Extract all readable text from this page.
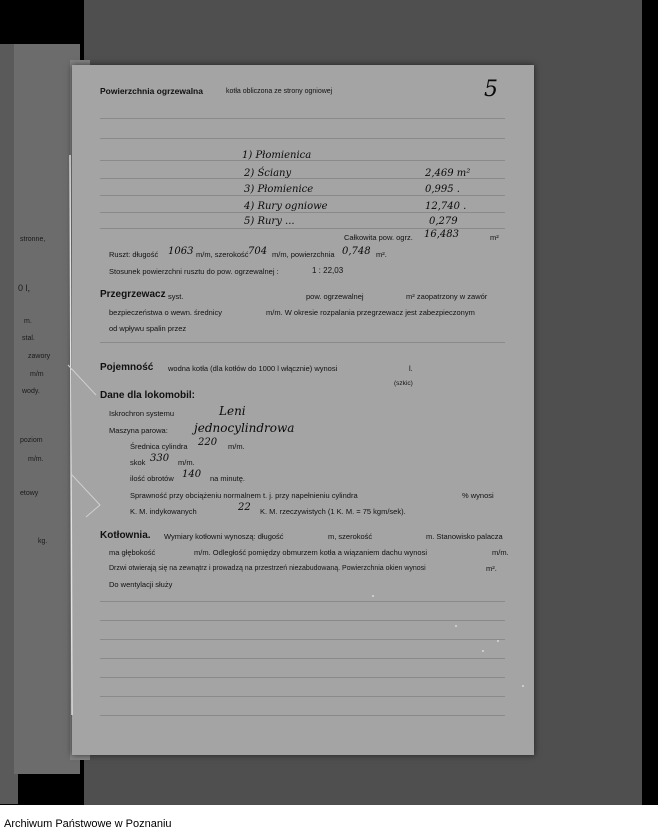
stronne,
0 l,
m.
stal.
zawory
m/m
wody.
poziom
m/m.
etowy
kg.
5
Powierzchnia ogrzewalna	kotła obliczona ze strony ogniowej
1) Płomienica
2) Ściany	2,469 m²
3) Płomienice	0,995 .
4) Rury ogniowe	12,740 .
5) Rury ...	0,279
Całkowita pow. ogrz. 16,483	m²
Ruszt: długość 1063 m/m, szerokość 704 m/m, powierzchnia 0,748 m².
Stosunek powierzchni rusztu do pow. ogrzewalnej :	1 : 22,03
Przegrzewacz syst.	pow. ogrzewalnej	m² zaopatrzony w zawór
bezpieczeństwa o wewn. średnicy	m/m. W okresie rozpalania przegrzewacz jest zabezpieczonym
od wpływu spalin przez
Pojemność wodna kotła (dla kotłów do 1000 l włącznie) wynosi	l.
(szkic)
Dane dla lokomobil:
Iskrochron systemu	Leni
Maszyna parowa: jednocylindrowa
Średnica cylindra 220 m/m.
skok 330 m/m.
ilość obrotów 140 na minutę.
Sprawność przy obciążeniu normalnem t. j. przy napełnieniu cylindra	% wynosi
K. M. indykowanych	22 K. M. rzeczywistych (1 K. M. = 75 kgm/sek).
Kotłownia. Wymiary kotłowni wynoszą: długość	m, szerokość	m. Stanowisko palacza
ma głębokość	m/m. Odległość pomiędzy obmurzem kotła a wiązaniem dachu wynosi	m/m.
Drzwi otwierają się na zewnątrz i prowadzą na przestrzeń niezabudowaną. Powierzchnia okien wynosi	m².
Do wentylacji służy
Archiwum Państwowe w Poznaniu
